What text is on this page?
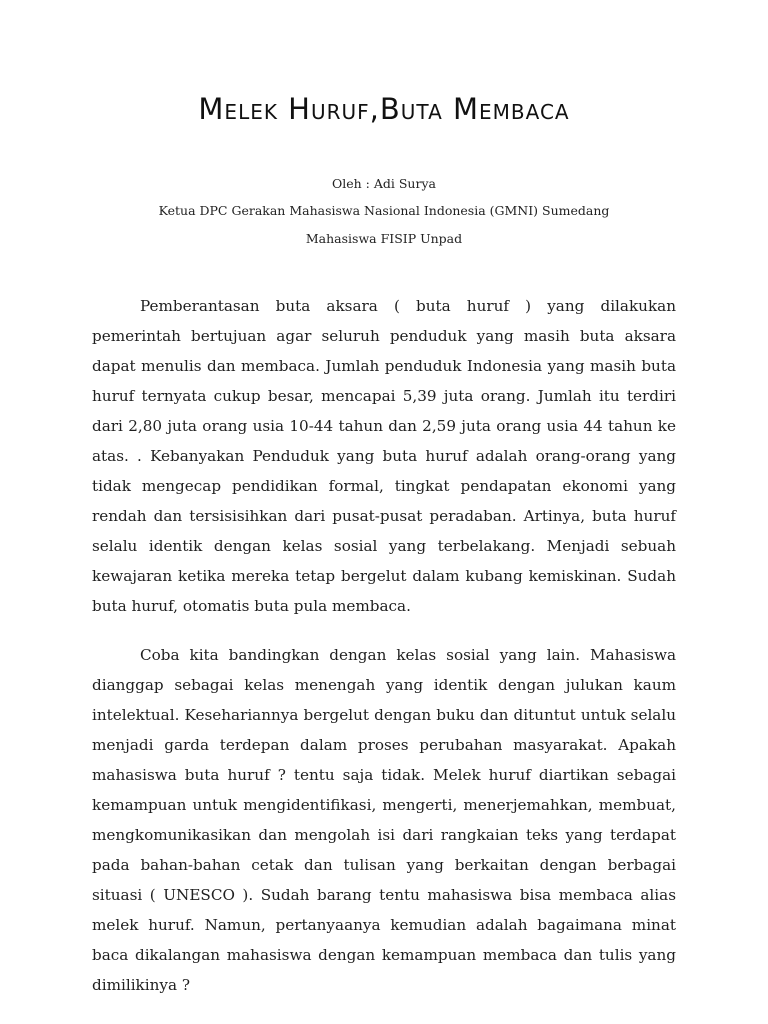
Melek Huruf,Buta Membaca
Oleh : Adi Surya
Ketua DPC Gerakan Mahasiswa Nasional Indonesia (GMNI) Sumedang
Mahasiswa FISIP Unpad

Pemberantasan buta aksara ( buta huruf ) yang dilakukan pemerintah bertujuan agar seluruh penduduk yang masih buta aksara dapat menulis dan membaca. Jumlah penduduk Indonesia yang masih buta huruf ternyata cukup besar, mencapai 5,39 juta orang. Jumlah itu terdiri dari 2,80 juta orang usia 10-44 tahun dan 2,59 juta orang usia 44 tahun ke atas. . Kebanyakan Penduduk yang buta huruf adalah orang-orang yang tidak mengecap pendidikan formal, tingkat pendapatan ekonomi yang rendah dan tersisisihkan dari pusat-pusat peradaban. Artinya, buta huruf selalu identik dengan kelas sosial yang terbelakang. Menjadi sebuah kewajaran ketika mereka tetap bergelut dalam kubang kemiskinan. Sudah buta huruf, otomatis buta pula membaca.

Coba kita bandingkan dengan kelas sosial yang lain. Mahasiswa dianggap sebagai kelas menengah yang identik dengan julukan kaum intelektual. Kesehariannya bergelut dengan buku dan dituntut untuk selalu menjadi garda terdepan dalam proses perubahan masyarakat. Apakah mahasiswa buta huruf ? tentu saja tidak. Melek huruf diartikan sebagai kemampuan untuk mengidentifikasi, mengerti, menerjemahkan, membuat, mengkomunikasikan dan mengolah isi dari rangkaian teks yang terdapat pada bahan-bahan cetak dan tulisan yang berkaitan dengan berbagai situasi ( UNESCO ). Sudah barang tentu mahasiswa bisa membaca alias melek huruf. Namun, pertanyaanya kemudian adalah bagaimana minat baca dikalangan mahasiswa dengan kemampuan membaca dan tulis yang dimilikinya ?
